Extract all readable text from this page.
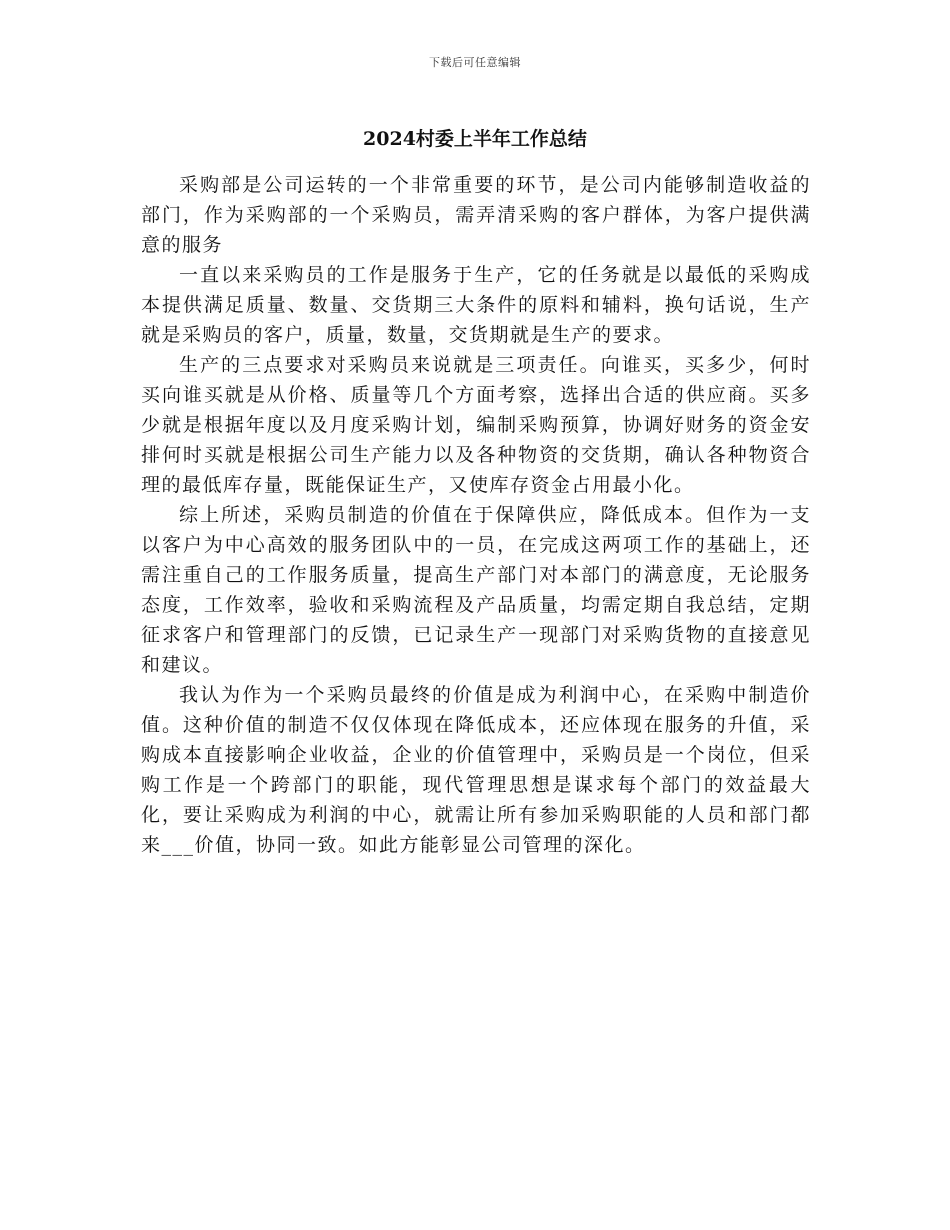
下载后可任意编辑
2024村委上半年工作总结

采购部是公司运转的一个非常重要的环节，是公司内能够制造收益的部门，作为采购部的一个采购员，需弄清采购的客户群体，为客户提供满意的服务

一直以来采购员的工作是服务于生产，它的任务就是以最低的采购成本提供满足质量、数量、交货期三大条件的原料和辅料，换句话说，生产就是采购员的客户，质量，数量，交货期就是生产的要求。

生产的三点要求对采购员来说就是三项责任。向谁买，买多少，何时买向谁买就是从价格、质量等几个方面考察，选择出合适的供应商。买多少就是根据年度以及月度采购计划，编制采购预算，协调好财务的资金安排何时买就是根据公司生产能力以及各种物资的交货期，确认各种物资合理的最低库存量，既能保证生产，又使库存资金占用最小化。

综上所述，采购员制造的价值在于保障供应，降低成本。但作为一支以客户为中心高效的服务团队中的一员，在完成这两项工作的基础上，还需注重自己的工作服务质量，提高生产部门对本部门的满意度，无论服务态度，工作效率，验收和采购流程及产品质量，均需定期自我总结，定期征求客户和管理部门的反馈，已记录生产一现部门对采购货物的直接意见和建议。

我认为作为一个采购员最终的价值是成为利润中心，在采购中制造价值。这种价值的制造不仅仅体现在降低成本，还应体现在服务的升值，采购成本直接影响企业收益，企业的价值管理中，采购员是一个岗位，但采购工作是一个跨部门的职能，现代管理思想是谋求每个部门的效益最大化，要让采购成为利润的中心，就需让所有参加采购职能的人员和部门都来___价值，协同一致。如此方能彰显公司管理的深化。
